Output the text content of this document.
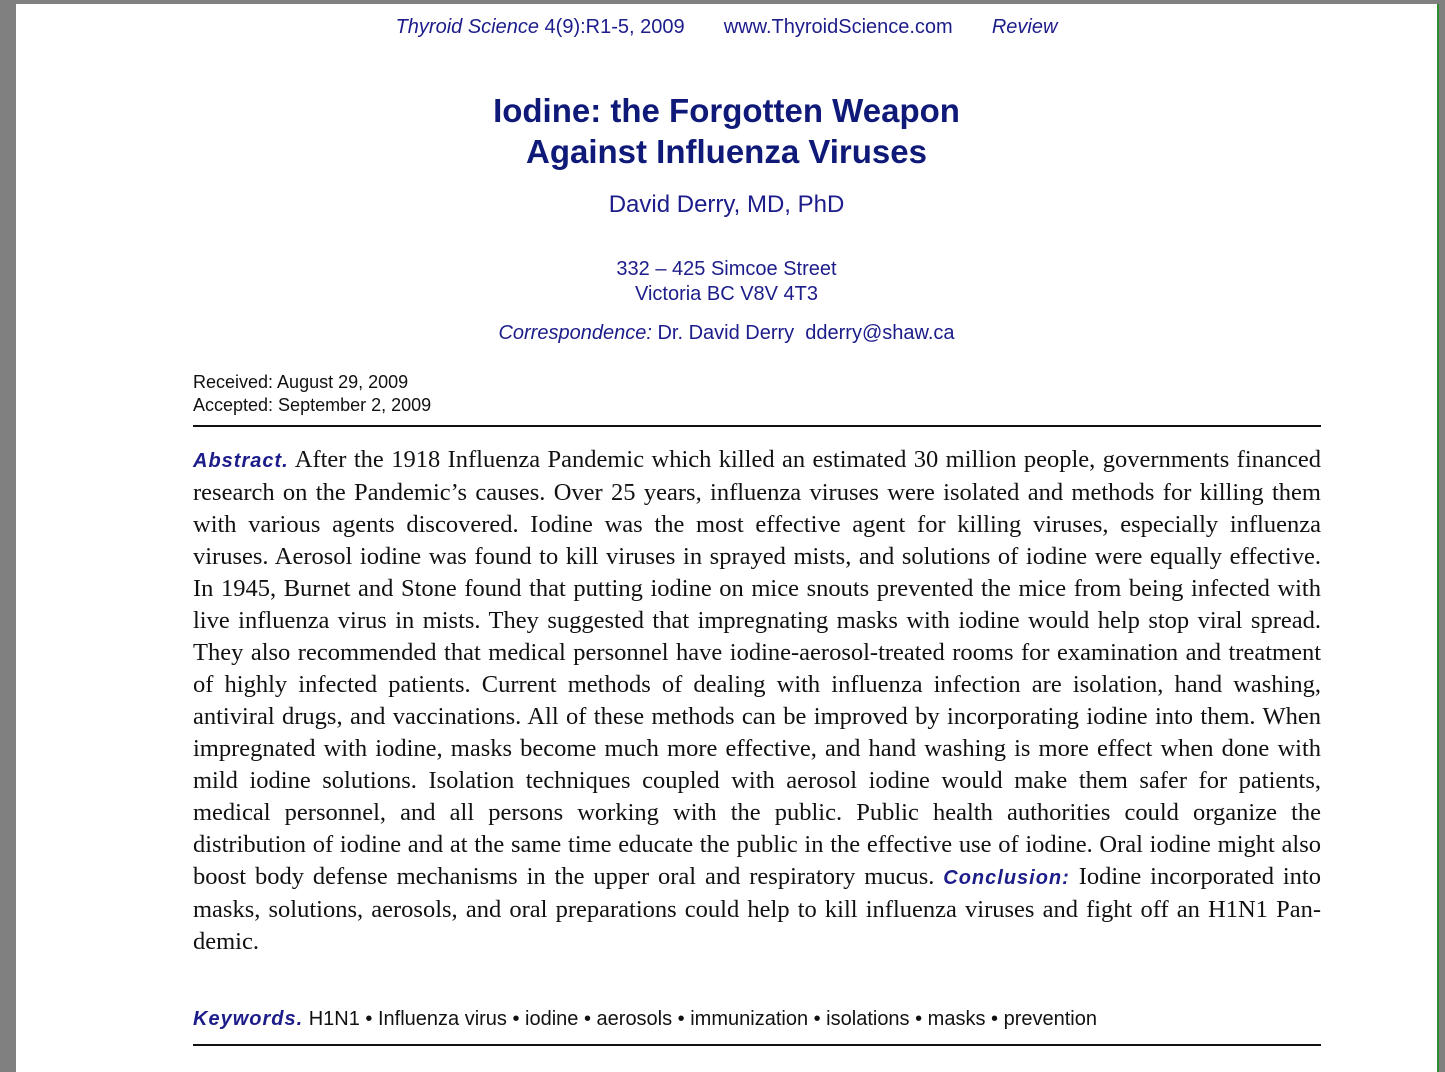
Thyroid Science 4(9):R1-5, 2009 www.ThyroidScience.com Review
Iodine: the Forgotten Weapon
Against Influenza Viruses
David Derry, MD, PhD
332 – 425 Simcoe Street
Victoria BC V8V 4T3
Correspondence: Dr. David Derry dderry@shaw.ca
Received: August 29, 2009
Accepted: September 2, 2009
Abstract. After the 1918 Influenza Pandemic which killed an estimated 30 million people, governments financed research on the Pandemic’s causes. Over 25 years, influenza viruses were isolated and methods for killing them with various agents discovered. Iodine was the most effective agent for killing viruses, especially influenza viruses. Aerosol iodine was found to kill viruses in sprayed mists, and solutions of iodine were equally effective. In 1945, Burnet and Stone found that putting iodine on mice snouts prevented the mice from being infected with live influenza virus in mists. They suggested that impregnating masks with iodine would help stop viral spread. They also recommended that medical personnel have iodine-aerosol-treated rooms for examination and treatment of highly infected patients. Current methods of dealing with influenza infection are isolation, hand washing, antiviral drugs, and vaccinations. All of these methods can be improved by incorporating iodine into them. When impregnated with iodine, masks become much more effective, and hand washing is more effect when done with mild iodine solutions. Isolation techniques coupled with aerosol iodine would make them safer for patients, medical personnel, and all persons working with the public. Public health authorities could organize the distribution of iodine and at the same time educate the public in the effective use of iodine. Oral iodine might also boost body defense mechanisms in the upper oral and respiratory mucus. Conclusion: Iodine incorporated into masks, solutions, aerosols, and oral preparations could help to kill influenza viruses and fight off an H1N1 Pandemic.
Keywords. H1N1 • Influenza virus • iodine • aerosols • immunization • isolations • masks • prevention
